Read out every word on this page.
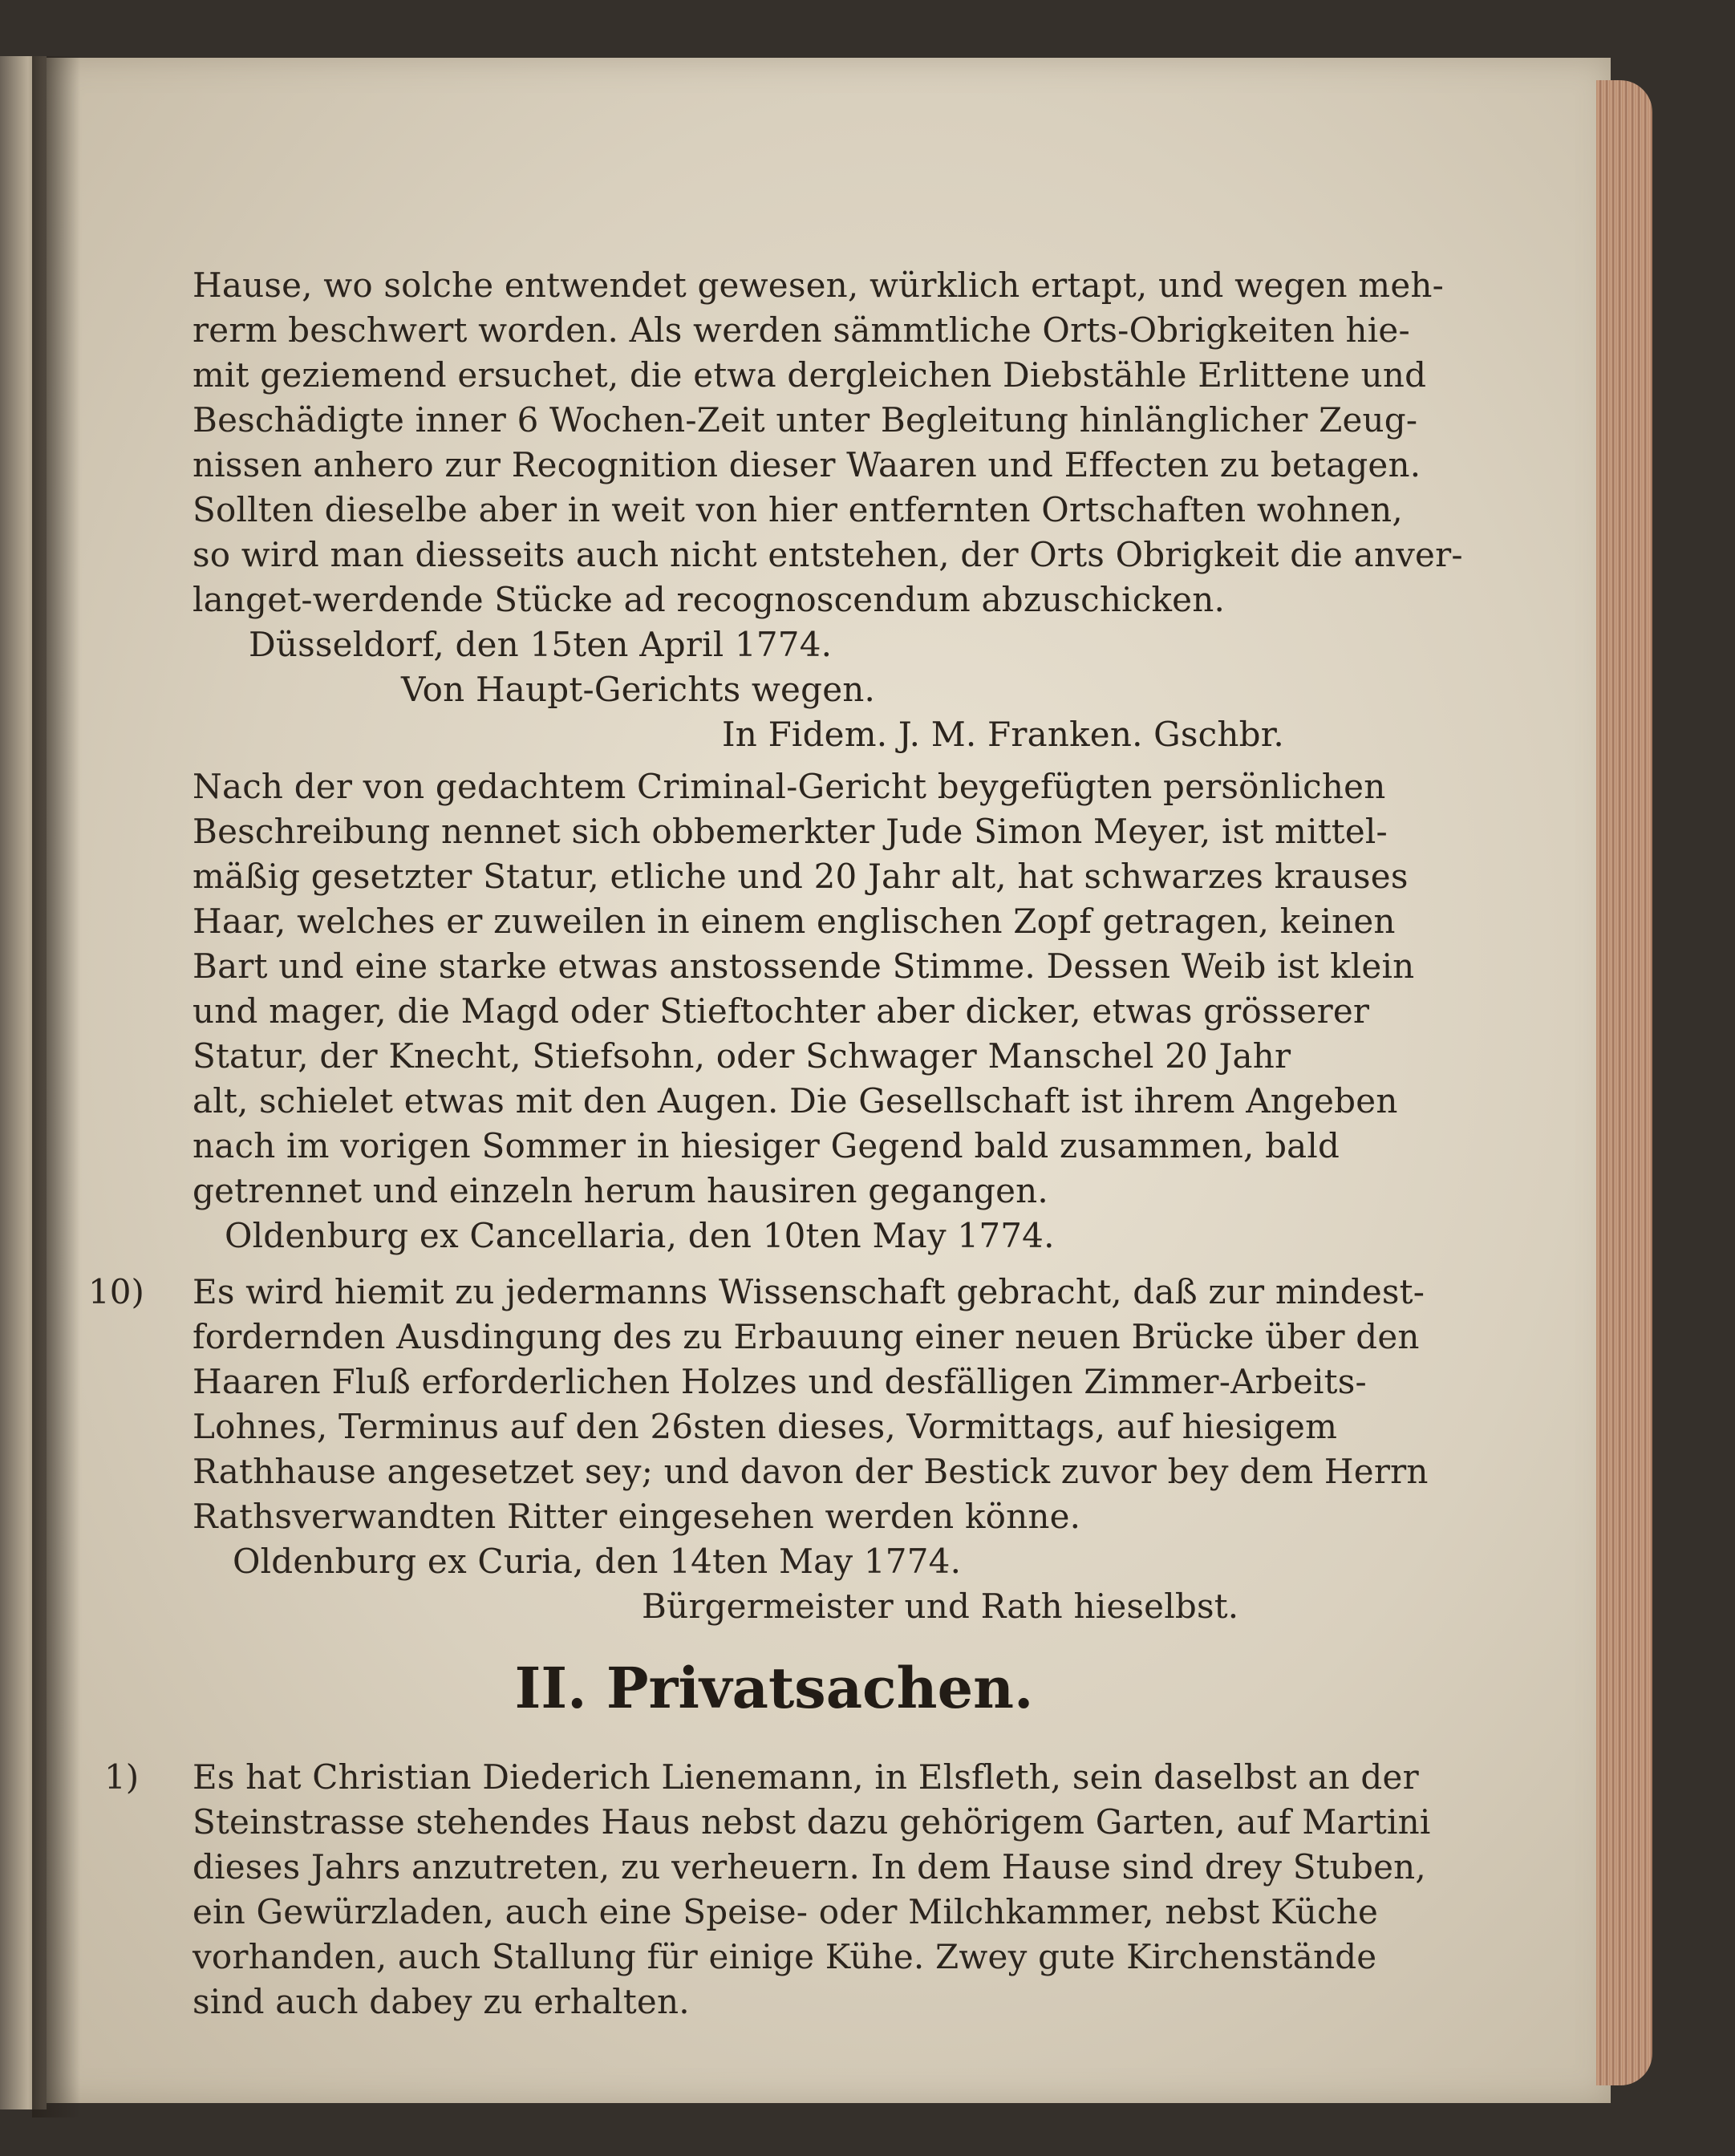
Hause, wo solche entwendet gewesen, würklich ertapt, und wegen meh-
rerm beschwert worden. Als werden sämmtliche Orts-Obrigkeiten hie-
mit geziemend ersuchet, die etwa dergleichen Diebstähle Erlittene und
Beschädigte inner 6 Wochen-Zeit unter Begleitung hinlänglicher Zeug-
nissen anhero zur Recognition dieser Waaren und Effecten zu betagen.
Sollten dieselbe aber in weit von hier entfernten Ortschaften wohnen,
so wird man diesseits auch nicht entstehen, der Orts Obrigkeit die anver-
langet-werdende Stücke ad recognoscendum abzuschicken.
Düsseldorf, den 15ten April 1774.
Von Haupt-Gerichts wegen.
In Fidem. J. M. Franken. Gschbr.
Nach der von gedachtem Criminal-Gericht beygefügten persönlichen
Beschreibung nennet sich obbemerkter Jude Simon Meyer, ist mittel-
mäßig gesetzter Statur, etliche und 20 Jahr alt, hat schwarzes krauses
Haar, welches er zuweilen in einem englischen Zopf getragen, keinen
Bart und eine starke etwas anstossende Stimme. Dessen Weib ist klein
und mager, die Magd oder Stieftochter aber dicker, etwas grösserer
Statur, der Knecht, Stiefsohn, oder Schwager Manschel 20 Jahr
alt, schielet etwas mit den Augen. Die Gesellschaft ist ihrem Angeben
nach im vorigen Sommer in hiesiger Gegend bald zusammen, bald
getrennet und einzeln herum hausiren gegangen.
Oldenburg ex Cancellaria, den 10ten May 1774.
10) Es wird hiemit zu jedermanns Wissenschaft gebracht, daß zur mindest-
fordernden Ausdingung des zu Erbauung einer neuen Brücke über den
Haaren Fluß erforderlichen Holzes und desfälligen Zimmer-Arbeits-
Lohnes, Terminus auf den 26sten dieses, Vormittags, auf hiesigem
Rathhause angesetzet sey; und davon der Bestick zuvor bey dem Herrn
Rathsverwandten Ritter eingesehen werden könne.
Oldenburg ex Curia, den 14ten May 1774.
Bürgermeister und Rath hieselbst.
II. Privatsachen.
1) Es hat Christian Diederich Lienemann, in Elsfleth, sein daselbst an der
Steinstrasse stehendes Haus nebst dazu gehörigem Garten, auf Martini
dieses Jahrs anzutreten, zu verheuern. In dem Hause sind drey Stuben,
ein Gewürzladen, auch eine Speise- oder Milchkammer, nebst Küche
vorhanden, auch Stallung für einige Kühe. Zwey gute Kirchenstände
sind auch dabey zu erhalten.
